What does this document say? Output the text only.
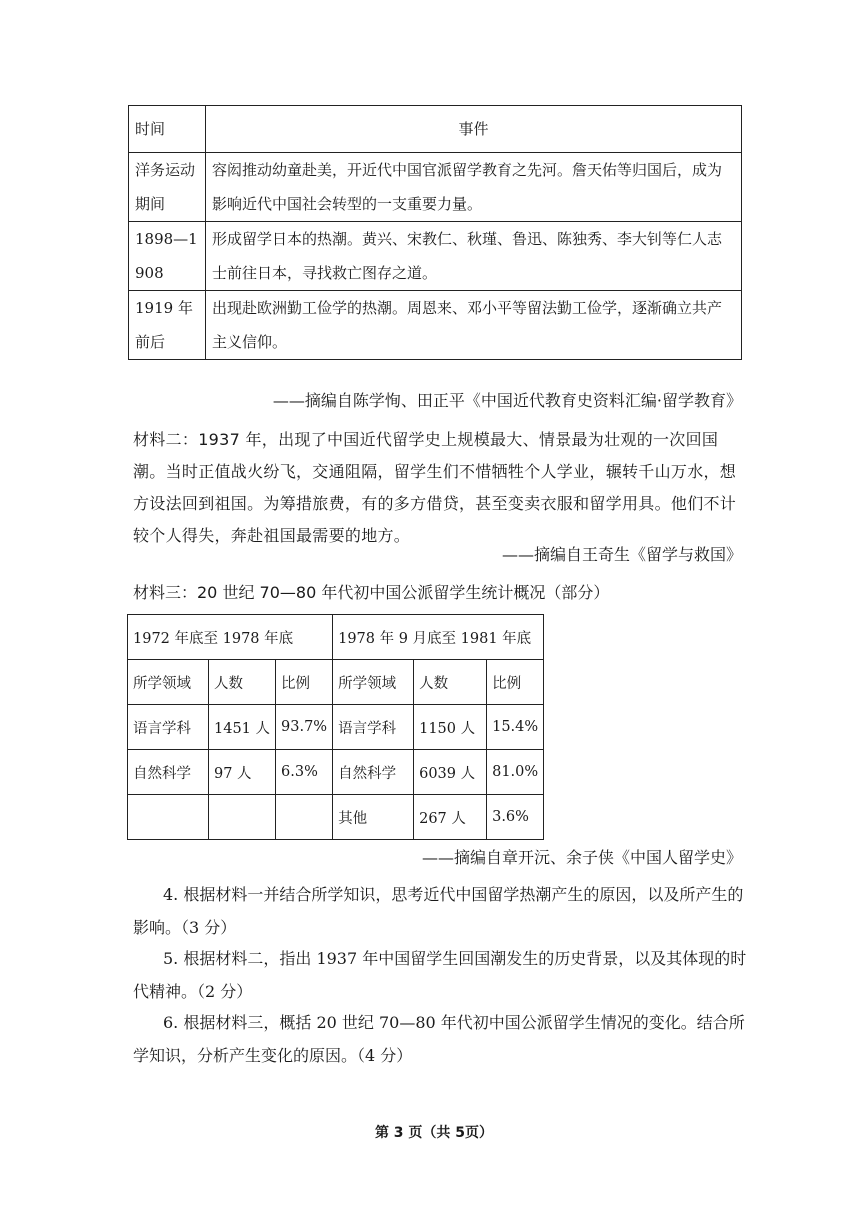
时间	事件
洋务运动期间	容闳推动幼童赴美，开近代中国官派留学教育之先河。詹天佑等归国后，成为影响近代中国社会转型的一支重要力量。
1898—1908	形成留学日本的热潮。黄兴、宋教仁、秋瑾、鲁迅、陈独秀、李大钊等仁人志士前往日本，寻找救亡图存之道。
1919 年前后	出现赴欧洲勤工俭学的热潮。周恩来、邓小平等留法勤工俭学，逐渐确立共产主义信仰。
——摘编自陈学恂、田正平《中国近代教育史资料汇编·留学教育》
材料二：1937 年，出现了中国近代留学史上规模最大、情景最为壮观的一次回国潮。当时正值战火纷飞，交通阻隔，留学生们不惜牺牲个人学业，辗转千山万水，想方设法回到祖国。为筹措旅费，有的多方借贷，甚至变卖衣服和留学用具。他们不计较个人得失，奔赴祖国最需要的地方。
——摘编自王奇生《留学与救国》
材料三：20 世纪 70—80 年代初中国公派留学生统计概况（部分）
1972 年底至 1978 年底			1978 年 9 月底至 1981 年底		
所学领域	人数	比例	所学领域	人数	比例
语言学科	1451 人	93.7%	语言学科	1150 人	15.4%
自然科学	97 人	6.3%	自然科学	6039 人	81.0%
			其他	267 人	3.6%
——摘编自章开沅、余子侠《中国人留学史》
4. 根据材料一并结合所学知识，思考近代中国留学热潮产生的原因，以及所产生的影响。（3 分）
5. 根据材料二，指出 1937 年中国留学生回国潮发生的历史背景，以及其体现的时代精神。（2 分）
6. 根据材料三，概括 20 世纪 70—80 年代初中国公派留学生情况的变化。结合所学知识，分析产生变化的原因。（4 分）
第 3 页（共 5页）
